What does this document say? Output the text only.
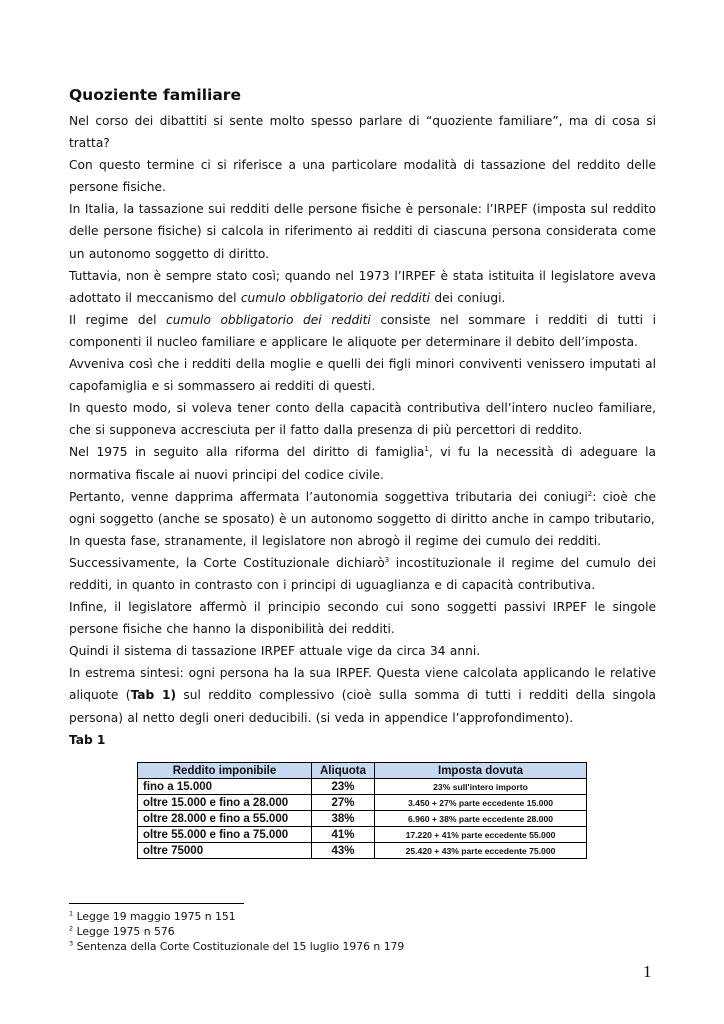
Quoziente familiare

Nel corso dei dibattiti si sente molto spesso parlare di “quoziente familiare”, ma di cosa si tratta?

Con questo termine ci si riferisce a una particolare modalità di tassazione del reddito delle persone fisiche.

In Italia, la tassazione sui redditi delle persone fisiche è personale: l’IRPEF (imposta sul reddito delle persone fisiche) si calcola in riferimento ai redditi di ciascuna persona considerata come un autonomo soggetto di diritto.

Tuttavia, non è sempre stato così; quando nel 1973 l’IRPEF è stata istituita il legislatore aveva adottato il meccanismo del cumulo obbligatorio dei redditi dei coniugi.

Il regime del cumulo obbligatorio dei redditi consiste nel sommare i redditi di tutti i componenti il nucleo familiare e applicare le aliquote per determinare il debito dell’imposta.

Avveniva così che i redditi della moglie e quelli dei figli minori conviventi venissero imputati al capofamiglia e si sommassero ai redditi di questi.

In questo modo, si voleva tener conto della capacità contributiva dell’intero nucleo familiare, che si supponeva accresciuta per il fatto dalla presenza di più percettori di reddito.

Nel 1975 in seguito alla riforma del diritto di famiglia$^1$, vi fu la necessità di adeguare la normativa fiscale ai nuovi principi del codice civile.

Pertanto, venne dapprima affermata l’autonomia soggettiva tributaria dei coniugi$^2$: cioè che ogni soggetto (anche se sposato) è un autonomo soggetto di diritto anche in campo tributario,

In questa fase, stranamente, il legislatore non abrogò il regime dei cumulo dei redditi.

Successivamente, la Corte Costituzionale dichiarò$^3$ incostituzionale il regime del cumulo dei redditi, in quanto in contrasto con i principi di uguaglianza e di capacità contributiva.

Infine, il legislatore affermò il principio secondo cui sono soggetti passivi IRPEF le singole persone fisiche che hanno la disponibilità dei redditi.

Quindi il sistema di tassazione IRPEF attuale vige da circa 34 anni.

In estrema sintesi: ogni persona ha la sua IRPEF. Questa viene calcolata applicando le relative aliquote (Tab 1) sul reddito complessivo (cioè sulla somma di tutti i redditi della singola persona) al netto degli oneri deducibili. (si veda in appendice l’approfondimento).

Tab 1
Reddito imponibile	Aliquota	Imposta dovuta
fino a 15.000	23%	23% sull'intero importo
oltre 15.000 e fino a 28.000	27%	3.450 + 27% parte eccedente 15.000
oltre 28.000 e fino a 55.000	38%	6.960 + 38% parte eccedente 28.000
oltre 55.000 e fino a 75.000	41%	17.220 + 41% parte eccedente 55.000
oltre 75000	43%	25.420 + 43% parte eccedente 75.000
$^1$ Legge 19 maggio 1975 n 151
$^2$ Legge 1975 n 576
$^3$ Sentenza della Corte Costituzionale del 15 luglio 1976 n 179
1
